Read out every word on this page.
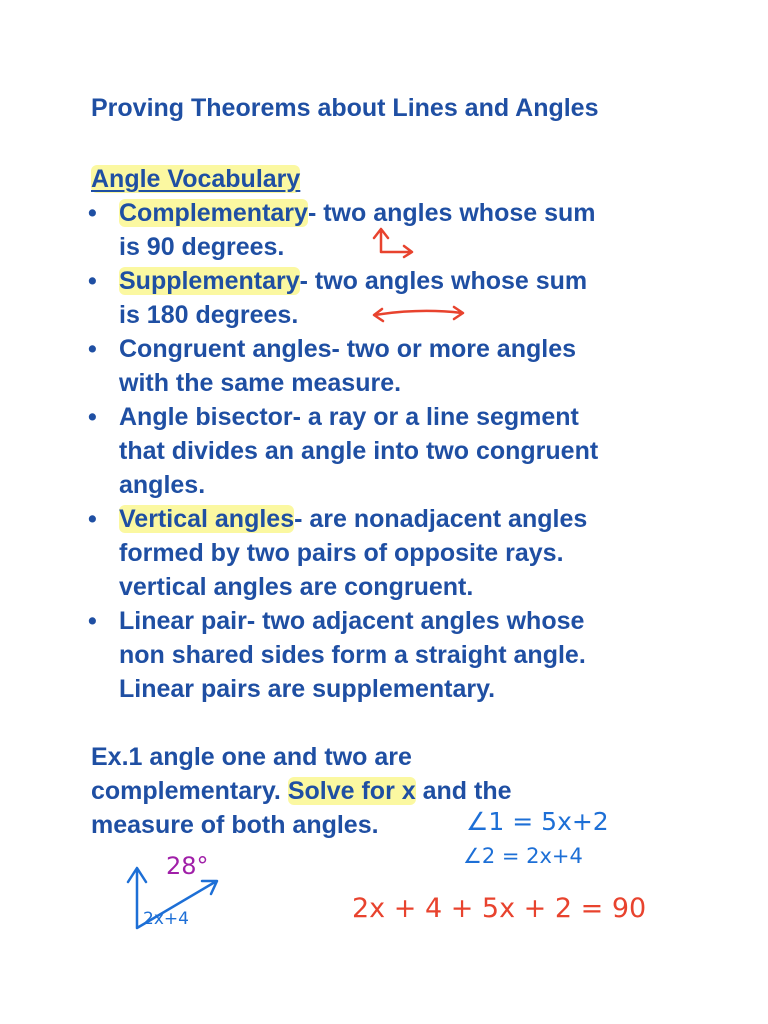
Proving Theorems about Lines and Angles
Angle Vocabulary
• Complementary- two angles whose sum
is 90 degrees.
• Supplementary- two angles whose sum
is 180 degrees.
• Congruent angles- two or more angles
with the same measure.
• Angle bisector- a ray or a line segment
that divides an angle into two congruent
angles.
• Vertical angles- are nonadjacent angles
formed by two pairs of opposite rays.
vertical angles are congruent.
• Linear pair- two adjacent angles whose
non shared sides form a straight angle.
Linear pairs are supplementary.
Ex.1 angle one and two are
complementary. Solve for x and the
measure of both angles.	∠1 = 5x+2
∠2 = 2x+4
28°
2x+4	2x + 4 + 5x + 2 = 90
